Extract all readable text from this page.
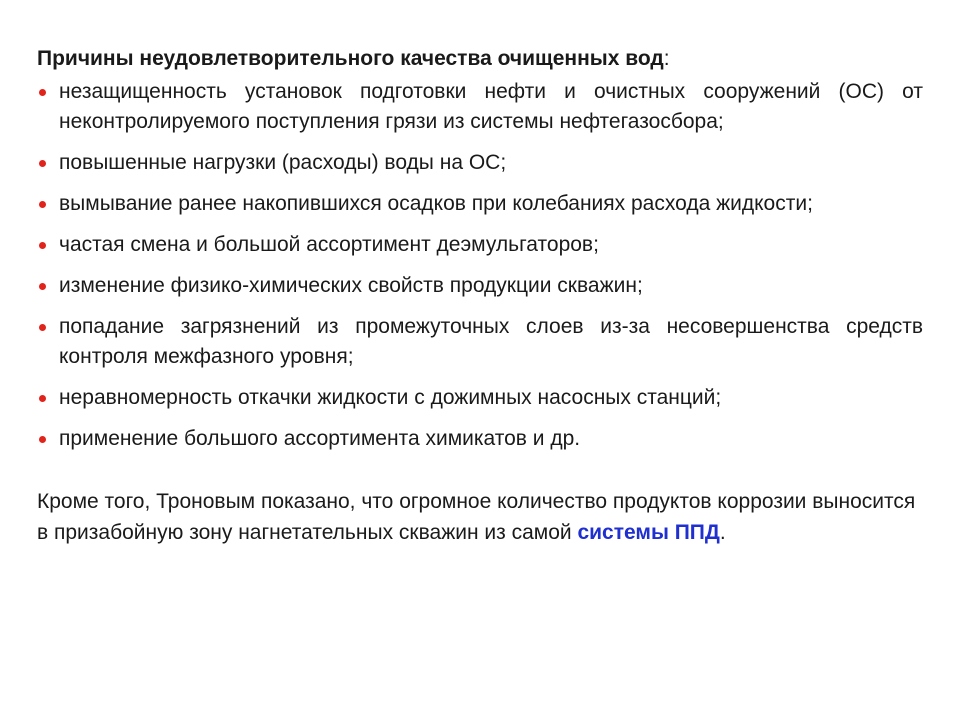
Причины неудовлетворительного качества очищенных вод:
незащищенность установок подготовки нефти и очистных сооружений (ОС) от неконтролируемого поступления грязи из системы нефтегазосбора;
повышенные нагрузки (расходы) воды на ОС;
вымывание ранее накопившихся осадков при колебаниях расхода жидкости;
частая смена и большой ассортимент деэмульгаторов;
изменение физико-химических свойств продукции скважин;
попадание загрязнений из промежуточных слоев из-за несовершенства средств контроля межфазного уровня;
неравномерность откачки жидкости с дожимных насосных станций;
применение большого ассортимента химикатов и др.
Кроме того, Троновым показано, что огромное количество продуктов коррозии выносится в призабойную зону нагнетательных скважин из самой системы ППД.
